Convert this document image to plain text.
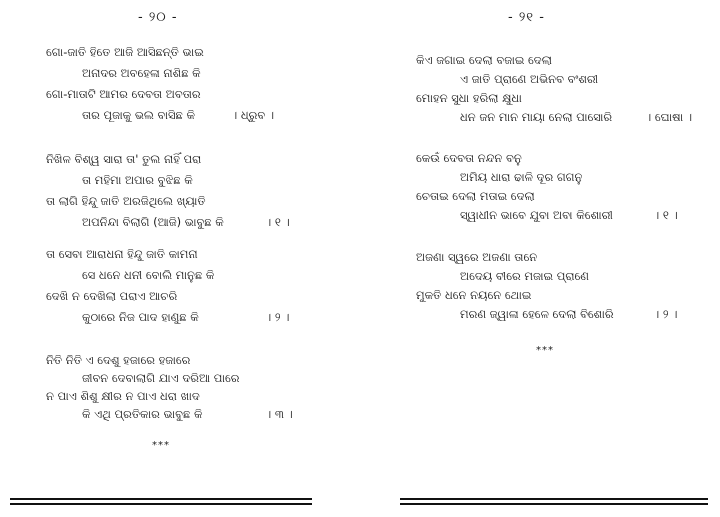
- ୨୦ -
ଗୋ-ଜାତି ହିତେ ଆଜି ଆସିଛନ୍ତି ଭାଇ
ଅନାଦର ଅବହେଳା ନାଶିଛ କି
ଗୋ-ମାତାଟି ଆମର ଦେବତା ଅବତାର
ତାର ପୂଜାକୁ ଭଲ ବାସିଛ କି	। ଧ୍ରୁବ ।
ନିଖିଳ ବିଶ୍ୱ ସାରା ତା' ତୁଲ ନାହିଁ ପରା
ତା ମହିମା ଅପାର ବୁଝିଛ କି
ତା ଲାଗି ହିନ୍ଦୁ ଜାତି ଅରଜିଥିଲେ ଖ୍ୟାତି
ଅପନିନ୍ଦା ବିଲାଗି (ଆଜି) ଭାବୁଛ କି	। ୧ ।
ତା ସେବା ଆରାଧନା ହିନ୍ଦୁ ଜାତି କାମନା
ସେ ଧନେ ଧନୀ ବୋଲି ମାନୁଛ କି
ଦେଖି ନ ଦେଖିଲା ପରାଏ ଆଚରି
କୁଠାରେ ନିଜ ପାଦ ହାଣୁଛ କି	। ୨ ।
ନିତି ନିତି ଏ ଦେଶୁ ହଜାରେ ହଜାରେ
ଜୀବନ ଦେବାଲାଗି ଯାଏ ଦରିଆ ପାରେ
ନ ପାଏ ଶିଶୁ କ୍ଷୀର ନ ପାଏ ଧରା ଖାଦ
କି ଏଥି ପ୍ରତିକାର ଭାବୁଛ କି	। ୩ ।
***
- ୨୧ -
କିଏ ଜଗାଇ ଦେଲା ବଜାଇ ଦେଲା
ଏ ଜାତି ପ୍ରାଣେ ଅଭିନବ ବଂଶରୀ
ମୋହନ ସୁଧା ହରିଲା କ୍ଷୁଧା
ଧନ ଜନ ମାନ ମାୟା ନେଲା ପାସୋରି	। ଘୋଷା ।
କେଉଁ ଦେବତା ନନ୍ଦନ ବନୁ
ଅମିୟ ଧାରା ଢାଳି ଦୂର ଗଗନୁ
ଚେତାଇ ଦେଲା ମତାଇ ଦେଲା
ସ୍ୱାଧୀନ ଭାବେ ଯୁବା ଅବା କିଶୋରୀ	। ୧ ।
ଅଜଣା ସ୍ୱରେ ଅଜଣା ତାନେ
ଅଦେୟ ବୀରେ ମଜାଇ ପ୍ରାଣେ
ମୁକତି ଧନେ ନୟନେ ଥୋଇ
ମରଣ ଜ୍ୱାଳା ହେଳେ ଦେଲା ବିଶୋରି	। ୨ ।
***
